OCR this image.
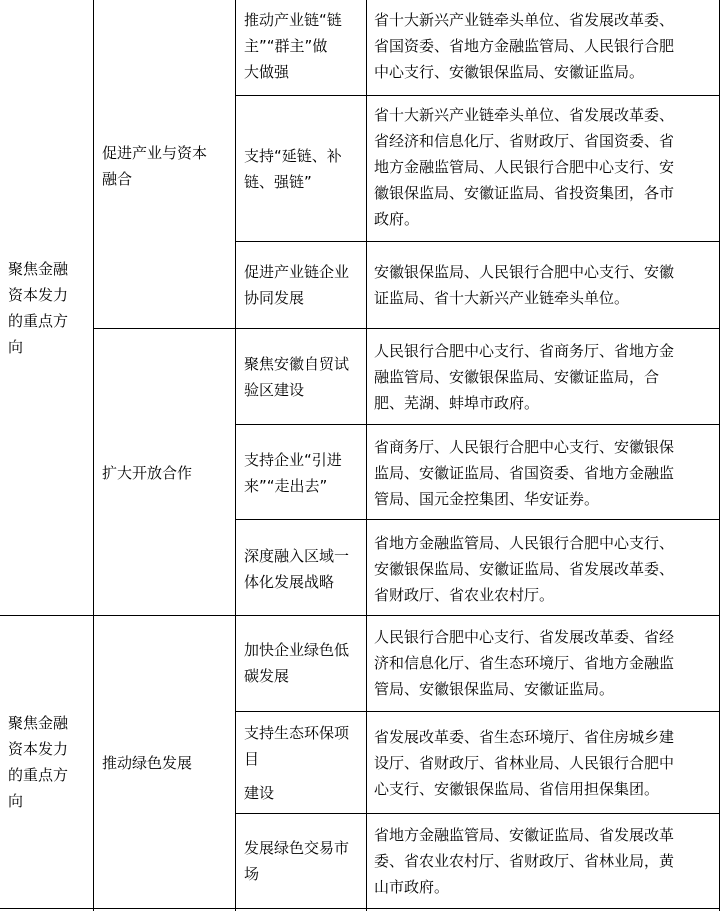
聚焦金融
资本发力
的重点方
向
促进产业与资本
融合
推动产业链“链
主”“群主”做
大做强
省十大新兴产业链牵头单位、省发展改革委、
省国资委、省地方金融监管局、人民银行合肥
中心支行、安徽银保监局、安徽证监局。
支持“延链、补
链、强链”
省十大新兴产业链牵头单位、省发展改革委、
省经济和信息化厅、省财政厅、省国资委、省
地方金融监管局、人民银行合肥中心支行、安
徽银保监局、安徽证监局、省投资集团，各市
政府。
促进产业链企业
协同发展
安徽银保监局、人民银行合肥中心支行、安徽
证监局、省十大新兴产业链牵头单位。
扩大开放合作
聚焦安徽自贸试
验区建设
人民银行合肥中心支行、省商务厅、省地方金
融监管局、安徽银保监局、安徽证监局，合
肥、芜湖、蚌埠市政府。
支持企业“引进
来”“走出去”
省商务厅、人民银行合肥中心支行、安徽银保
监局、安徽证监局、省国资委、省地方金融监
管局、国元金控集团、华安证券。
深度融入区域一
体化发展战略
省地方金融监管局、人民银行合肥中心支行、
安徽银保监局、安徽证监局、省发展改革委、
省财政厅、省农业农村厅。
聚焦金融
资本发力
的重点方
向
推动绿色发展
加快企业绿色低
碳发展
人民银行合肥中心支行、省发展改革委、省经
济和信息化厅、省生态环境厅、省地方金融监
管局、安徽银保监局、安徽证监局。
支持生态环保项
目
建设
省发展改革委、省生态环境厅、省住房城乡建
设厅、省财政厅、省林业局、人民银行合肥中
心支行、安徽银保监局、省信用担保集团。
发展绿色交易市
场
省地方金融监管局、安徽证监局、省发展改革
委、省农业农村厅、省财政厅、省林业局，黄
山市政府。
